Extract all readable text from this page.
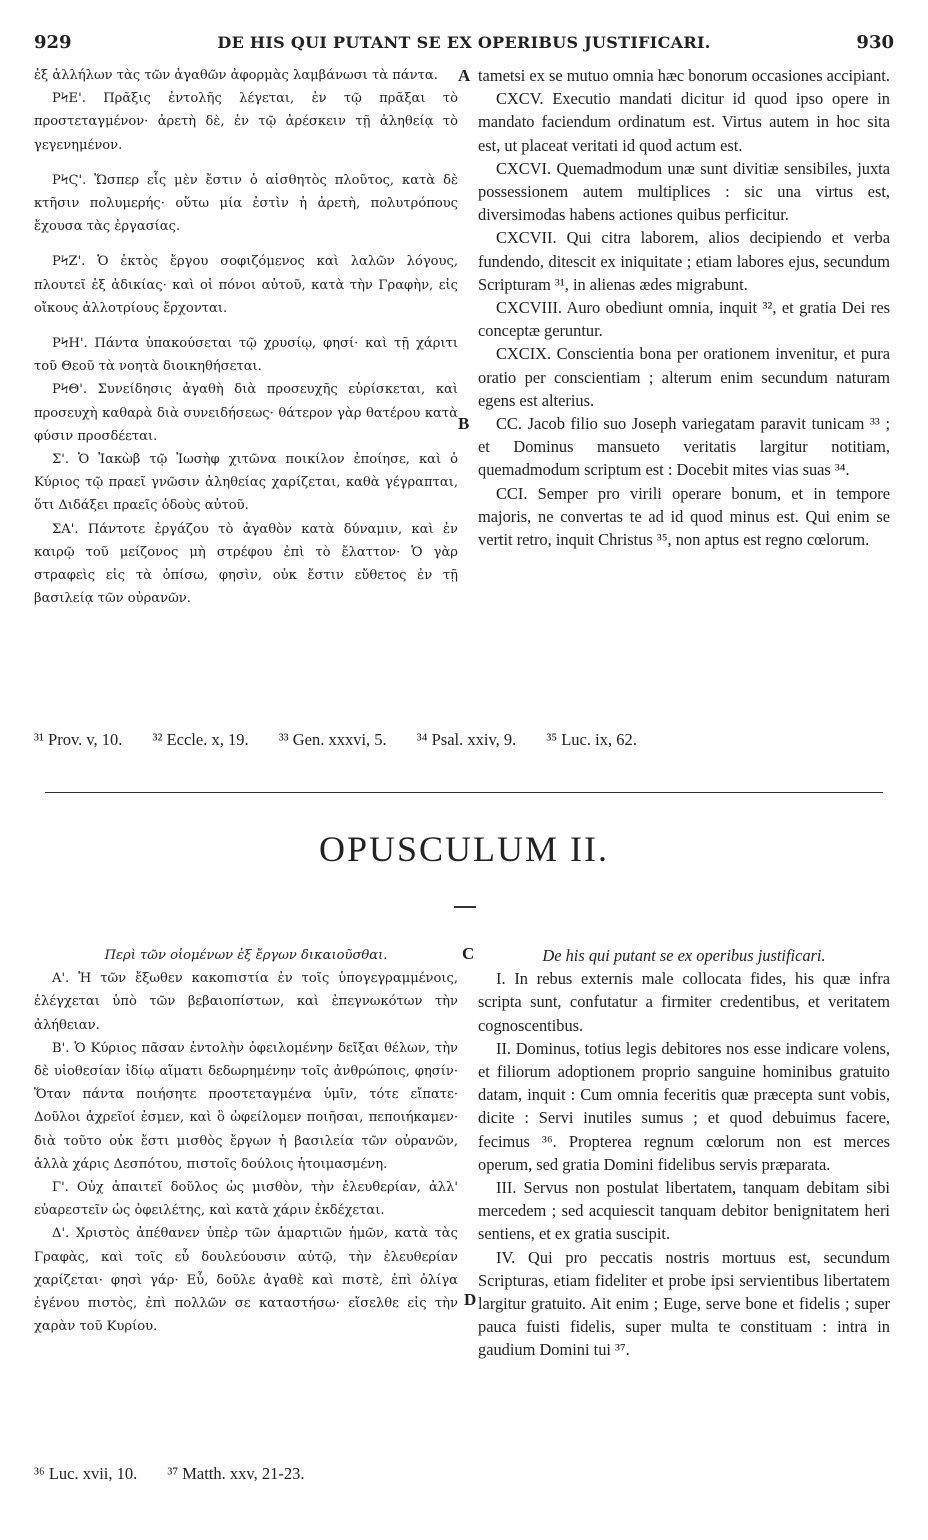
929	DE HIS QUI PUTANT SE EX OPERIBUS JUSTIFICARI.	930

ἐξ ἀλλήλων τὰς τῶν ἀγαθῶν ἀφορμὰς λαμβάνωσι τὰ πάντα.

ΡϞΕ'. Πρᾶξις ἐντολῆς λέγεται, ἐν τῷ πρᾶξαι τὸ προστεταγμένον· ἀρετὴ δὲ, ἐν τῷ ἀρέσκειν τῇ ἀληθείᾳ τὸ γεγενημένον.

ΡϞϚ'. Ὥσπερ εἷς μὲν ἔστιν ὁ αἰσθητὸς πλοῦτος, κατὰ δὲ κτῆσιν πολυμερής· οὕτω μία ἐστὶν ἡ ἀρετὴ, πολυτρόπους ἔχουσα τὰς ἐργασίας.

ΡϞΖ'. Ὁ ἐκτὸς ἔργου σοφιζόμενος καὶ λαλῶν λόγους, πλουτεῖ ἐξ ἀδικίας· καὶ οἱ πόνοι αὐτοῦ, κατὰ τὴν Γραφὴν, εἰς οἴκους ἀλλοτρίους ἔρχονται.

ΡϞΗ'. Πάντα ὑπακούσεται τῷ χρυσίῳ, φησί· καὶ τῇ χάριτι τοῦ Θεοῦ τὰ νοητὰ διοικηθήσεται.

ΡϞΘ'. Συνείδησις ἀγαθὴ διὰ προσευχῆς εὑρίσκεται, καὶ προσευχὴ καθαρὰ διὰ συνειδήσεως· θάτερον γὰρ θατέρου κατὰ φύσιν προσδέεται.

Σ'. Ὁ Ἰακὼβ τῷ Ἰωσὴφ χιτῶνα ποικίλον ἐποίησε, καὶ ὁ Κύριος τῷ πραεῖ γνῶσιν ἀληθείας χαρίζεται, καθὰ γέγραπται, ὅτι Διδάξει πραεῖς ὁδοὺς αὐτοῦ.

ΣΑ'. Πάντοτε ἐργάζου τὸ ἀγαθὸν κατὰ δύναμιν, καὶ ἐν καιρῷ τοῦ μείζονος μὴ στρέφου ἐπὶ τὸ ἔλαττον· Ὁ γὰρ στραφεὶς εἰς τὰ ὀπίσω, φησὶν, οὐκ ἔστιν εὔθετος ἐν τῇ βασιλείᾳ τῶν οὐρανῶν.

A
B

tametsi ex se mutuo omnia hæc bonorum occasiones accipiant.

CXCV. Executio mandati dicitur id quod ipso opere in mandato faciendum ordinatum est. Virtus autem in hoc sita est, ut placeat veritati id quod actum est.

CXCVI. Quemadmodum unæ sunt divitiæ sensibiles, juxta possessionem autem multiplices : sic una virtus est, diversimodas habens actiones quibus perficitur.

CXCVII. Qui citra laborem, alios decipiendo et verba fundendo, ditescit ex iniquitate ; etiam labores ejus, secundum Scripturam ³¹, in alienas ædes migrabunt.

CXCVIII. Auro obediunt omnia, inquit ³², et gratia Dei res conceptæ geruntur.

CXCIX. Conscientia bona per orationem invenitur, et pura oratio per conscientiam ; alterum enim secundum naturam egens est alterius.

CC. Jacob filio suo Joseph variegatam paravit tunicam ³³ ; et Dominus mansueto veritatis largitur notitiam, quemadmodum scriptum est : Docebit mites vias suas ³⁴.

CCI. Semper pro virili operare bonum, et in tempore majoris, ne convertas te ad id quod minus est. Qui enim se vertit retro, inquit Christus ³⁵, non aptus est regno cœlorum.

³¹ Prov. v, 10. ³² Eccle. x, 19. ³³ Gen. xxxvi, 5. ³⁴ Psal. xxiv, 9. ³⁵ Luc. ix, 62.
OPUSCULUM II.
C
D

Περὶ τῶν οἰομένων ἐξ ἔργων δικαιοῦσθαι.

Α'. Ἡ τῶν ἔξωθεν κακοπιστία ἐν τοῖς ὑπογεγραμμένοις, ἐλέγχεται ὑπὸ τῶν βεβαιοπίστων, καὶ ἐπεγνωκότων τὴν ἀλήθειαν.

Β'. Ὁ Κύριος πᾶσαν ἐντολὴν ὀφειλομένην δεῖξαι θέλων, τὴν δὲ υἱοθεσίαν ἰδίῳ αἵματι δεδωρημένην τοῖς ἀνθρώποις, φησίν· Ὅταν πάντα ποιήσητε προστεταγμένα ὑμῖν, τότε εἴπατε· Δοῦλοι ἀχρεῖοί ἐσμεν, καὶ ὃ ὠφείλομεν ποιῆσαι, πεποιήκαμεν· διὰ τοῦτο οὐκ ἔστι μισθὸς ἔργων ἡ βασιλεία τῶν οὐρανῶν, ἀλλὰ χάρις Δεσπότου, πιστοῖς δούλοις ἡτοιμασμένη.

Γ'. Οὐχ ἀπαιτεῖ δοῦλος ὡς μισθὸν, τὴν ἐλευθερίαν, ἀλλ' εὐαρεστεῖν ὡς ὀφειλέτης, καὶ κατὰ χάριν ἐκδέχεται.

Δ'. Χριστὸς ἀπέθανεν ὑπὲρ τῶν ἁμαρτιῶν ἡμῶν, κατὰ τὰς Γραφὰς, καὶ τοῖς εὖ δουλεύουσιν αὐτῷ, τὴν ἐλευθερίαν χαρίζεται· φησὶ γάρ· Εὖ, δοῦλε ἀγαθὲ καὶ πιστὲ, ἐπὶ ὀλίγα ἐγένου πιστὸς, ἐπὶ πολλῶν σε καταστήσω· εἴσελθε εἰς τὴν χαρὰν τοῦ Κυρίου.

De his qui putant se ex operibus justificari.

I. In rebus externis male collocata fides, his quæ infra scripta sunt, confutatur a firmiter credentibus, et veritatem cognoscentibus.

II. Dominus, totius legis debitores nos esse indicare volens, et filiorum adoptionem proprio sanguine hominibus gratuito datam, inquit : Cum omnia feceritis quæ præcepta sunt vobis, dicite : Servi inutiles sumus ; et quod debuimus facere, fecimus ³⁶. Propterea regnum cœlorum non est merces operum, sed gratia Domini fidelibus servis præparata.

III. Servus non postulat libertatem, tanquam debitam sibi mercedem ; sed acquiescit tanquam debitor benignitatem heri sentiens, et ex gratia suscipit.

IV. Qui pro peccatis nostris mortuus est, secundum Scripturas, etiam fideliter et probe ipsi servientibus libertatem largitur gratuito. Ait enim ; Euge, serve bone et fidelis ; super pauca fuisti fidelis, super multa te constituam : intra in gaudium Domini tui ³⁷.

³⁶ Luc. xvii, 10. ³⁷ Matth. xxv, 21-23.
